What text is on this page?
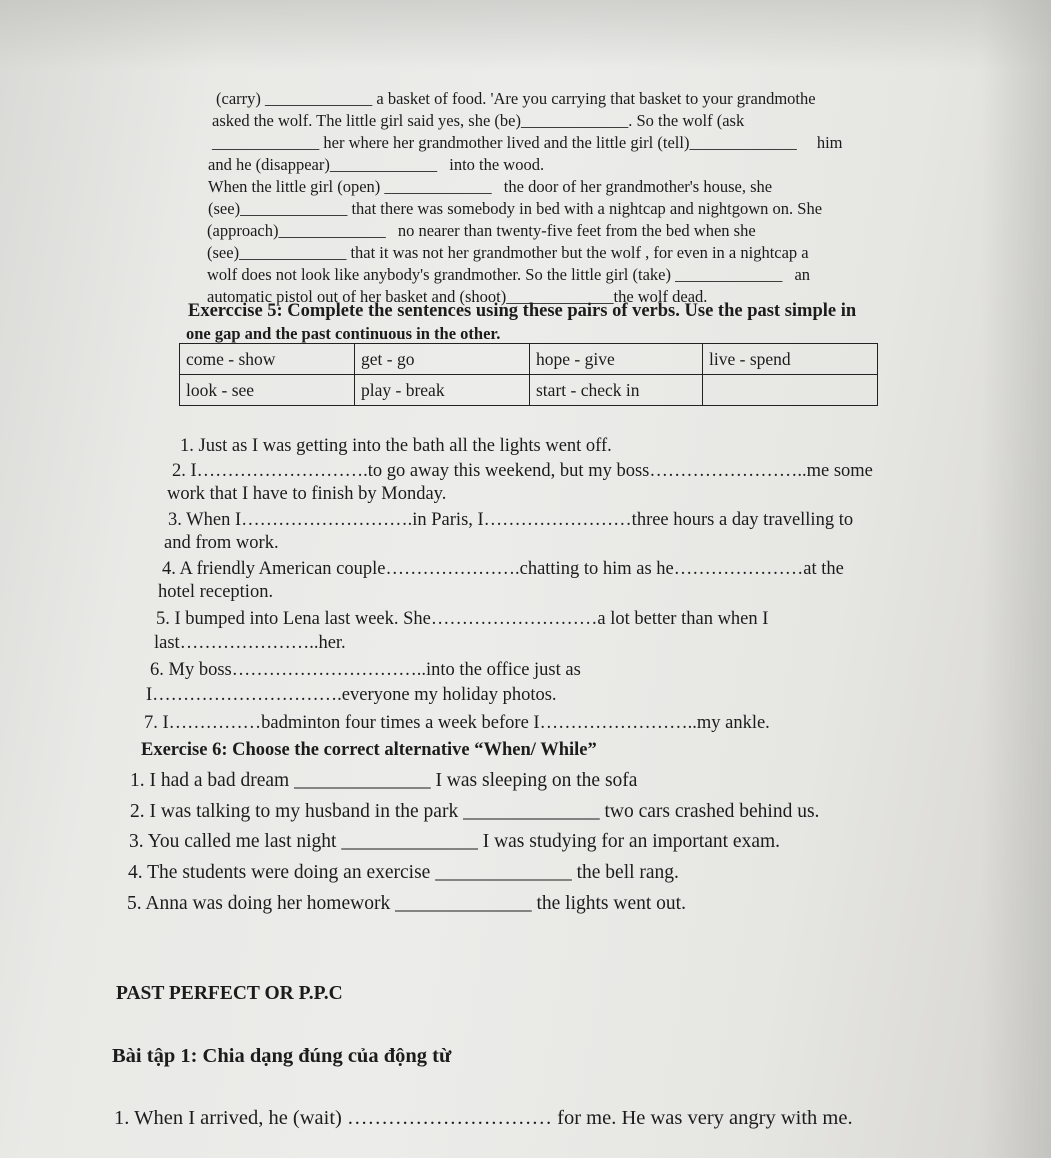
(carry) _____________ a basket of food. 'Are you carrying that basket to your grandmothe
asked the wolf. The little girl said yes, she (be)_____________. So the wolf (ask
_____________ her where her grandmother lived and the little girl (tell)_____________ him
and he (disappear)_____________ into the wood.
When the little girl (open) _____________ the door of her grandmother's house, she
(see)_____________ that there was somebody in bed with a nightcap and nightgown on. She
(approach)_____________ no nearer than twenty-five feet from the bed when she
(see)_____________ that it was not her grandmother but the wolf , for even in a nightcap a
wolf does not look like anybody's grandmother. So the little girl (take) _____________ an
automatic pistol out of her basket and (shoot)_____________the wolf dead.
Exerccise 5: Complete the sentences using these pairs of verbs. Use the past simple in
one gap and the past continuous in the other.
come - show	get - go	hope - give	live - spend
look - see	play - break	start - check in	
1. Just as I was getting into the bath all the lights went off.
2. I……………………….to go away this weekend, but my boss……………………..me some
work that I have to finish by Monday.
3. When I……………………….in Paris, I……………………three hours a day travelling to
and from work.
4. A friendly American couple………………….chatting to him as he…………………at the
hotel reception.
5. I bumped into Lena last week. She………………………a lot better than when I
last…………………..her.
6. My boss…………………………..into the office just as
I………………………….everyone my holiday photos.
7. I……………badminton four times a week before I……………………..my ankle.
Exercise 6: Choose the correct alternative “When/ While”
1. I had a bad dream ______________ I was sleeping on the sofa
2. I was talking to my husband in the park ______________ two cars crashed behind us.
3. You called me last night ______________ I was studying for an important exam.
4. The students were doing an exercise ______________ the bell rang.
5. Anna was doing her homework ______________ the lights went out.
PAST PERFECT OR P.P.C
Bài tập 1: Chia dạng đúng của động từ
1. When I arrived, he (wait) ………………………… for me. He was very angry with me.
